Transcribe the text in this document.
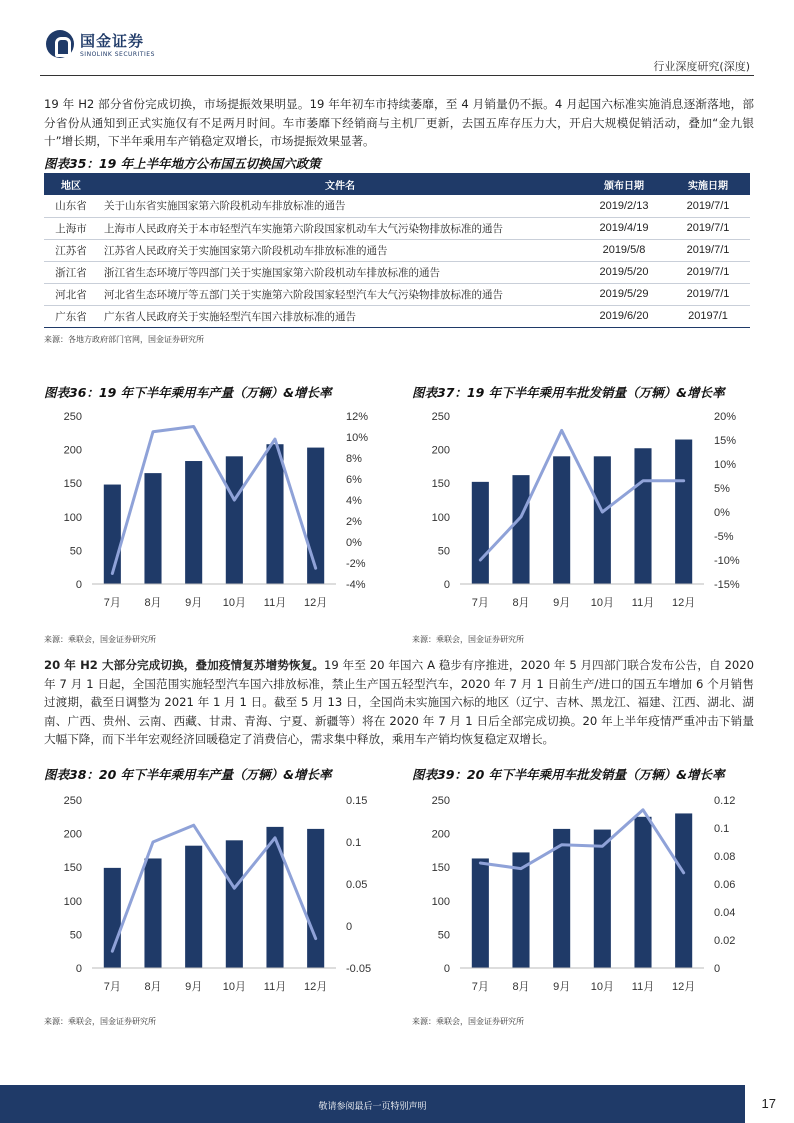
国金证券
SINOLINK SECURITIES
行业深度研究(深度)
19 年 H2 部分省份完成切换，市场提振效果明显。19 年年初车市持续萎靡，至 4 月销量仍不振。4 月起国六标准实施消息逐渐落地，部分省份从通知到正式实施仅有不足两月时间。车市萎靡下经销商与主机厂更新，去国五库存压力大，开启大规模促销活动，叠加“金九银十”增长期，下半年乘用车产销稳定双增长，市场提振效果显著。
图表35：19 年上半年地方公布国五切换国六政策
地区	文件名	颁布日期	实施日期
山东省	关于山东省实施国家第六阶段机动车排放标准的通告	2019/2/13	2019/7/1
上海市	上海市人民政府关于本市轻型汽车实施第六阶段国家机动车大气污染物排放标准的通告	2019/4/19	2019/7/1
江苏省	江苏省人民政府关于实施国家第六阶段机动车排放标准的通告	2019/5/8	2019/7/1
浙江省	浙江省生态环境厅等四部门关于实施国家第六阶段机动车排放标准的通告	2019/5/20	2019/7/1
河北省	河北省生态环境厅等五部门关于实施第六阶段国家轻型汽车大气污染物排放标准的通告	2019/5/29	2019/7/1
广东省	广东省人民政府关于实施轻型汽车国六排放标准的通告	2019/6/20	20197/1
来源：各地方政府部门官网，国金证券研究所
图表36：19 年下半年乘用车产量（万辆）&增长率	图表37：19 年下半年乘用车批发销量（万辆）&增长率
0
50
100
150
200
250
-4%
-2%
0%
2%
4%
6%
8%
10%
12%
7月 8月 9月 10月 11月 12月
0
50
100
150
200
250
-15%
-10%
-5%
0%
5%
10%
15%
20%
7月 8月 9月 10月 11月 12月
来源：乘联会，国金证券研究所	来源：乘联会，国金证券研究所
20 年 H2 大部分完成切换，叠加疫情复苏增势恢复。19 年至 20 年国六 A 稳步有序推进，2020 年 5 月四部门联合发布公告，自 2020 年 7 月 1 日起，全国范围实施轻型汽车国六排放标准，禁止生产国五轻型汽车，2020 年 7 月 1 日前生产/进口的国五车增加 6 个月销售过渡期，截至日调整为 2021 年 1 月 1 日。截至 5 月 13 日，全国尚未实施国六标的地区（辽宁、吉林、黑龙江、福建、江西、湖北、湖南、广西、贵州、云南、西藏、甘肃、青海、宁夏、新疆等）将在 2020 年 7 月 1 日后全部完成切换。20 年上半年疫情严重冲击下销量大幅下降，而下半年宏观经济回暖稳定了消费信心，需求集中释放，乘用车产销均恢复稳定双增长。
图表38：20 年下半年乘用车产量（万辆）&增长率	图表39：20 年下半年乘用车批发销量（万辆）&增长率
0
50
100
150
200
250
-0.05
0
0.05
0.1
0.15
7月 8月 9月 10月 11月 12月
0
50
100
150
200
250
0
0.02
0.04
0.06
0.08
0.1
0.12
7月 8月 9月 10月 11月 12月
来源：乘联会，国金证券研究所	来源：乘联会，国金证券研究所
敬请参阅最后一页特别声明	17
